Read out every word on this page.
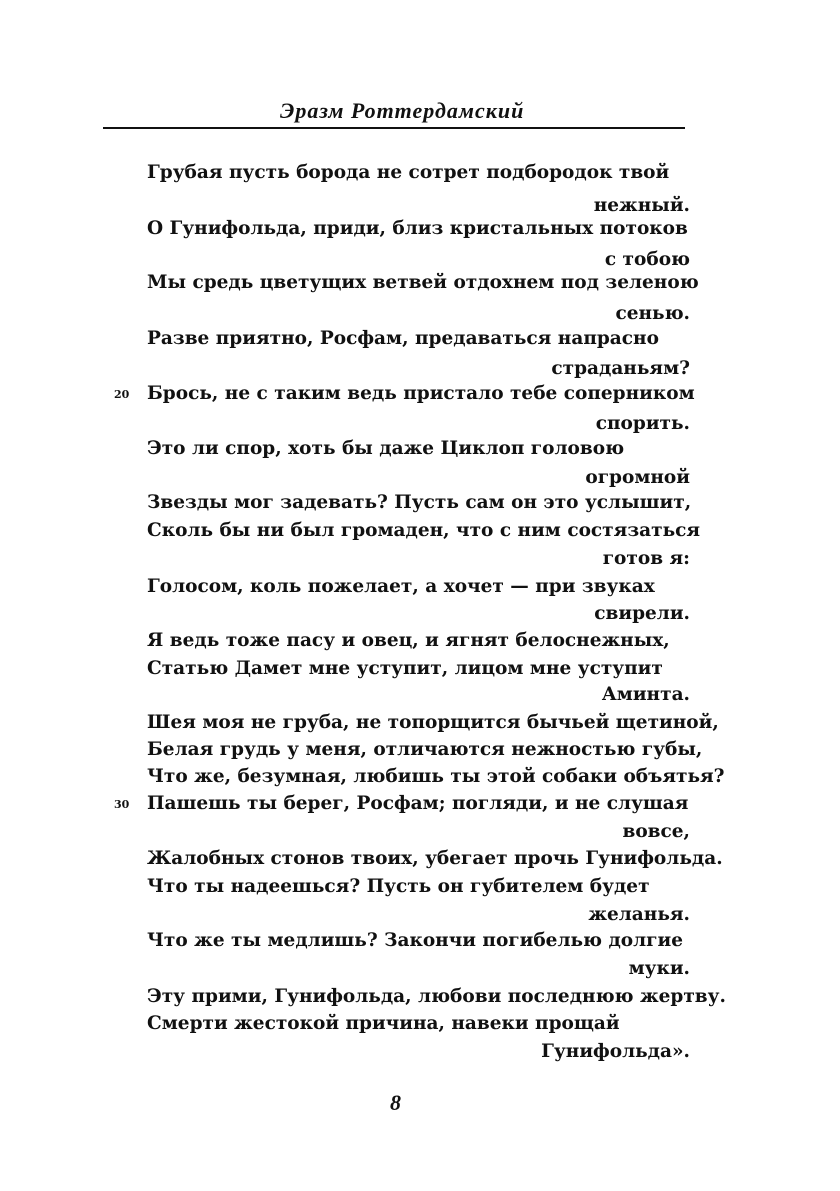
Эразм Роттердамский
Грубая пусть борода не сотрет подбородок твой
нежный.
О Гунифольда, приди, близ кристальных потоков
с тобою
Мы средь цветущих ветвей отдохнем под зеленою
сенью.
Разве приятно, Росфам, предаваться напрасно
страданьям?
20 Брось, не с таким ведь пристало тебе соперником
спорить.
Это ли спор, хоть бы даже Циклоп головою
огромной
Звезды мог задевать? Пусть сам он это услышит,
Сколь бы ни был громаден, что с ним состязаться
готов я:
Голосом, коль пожелает, а хочет — при звуках
свирели.
Я ведь тоже пасу и овец, и ягнят белоснежных,
Статью Дамет мне уступит, лицом мне уступит
Аминта.
Шея моя не груба, не топорщится бычьей щетиной,
Белая грудь у меня, отличаются нежностью губы,
Что же, безумная, любишь ты этой собаки объятья?
30 Пашешь ты берег, Росфам; погляди, и не слушая
вовсе,
Жалобных стонов твоих, убегает прочь Гунифольда.
Что ты надеешься? Пусть он губителем будет
желанья.
Что же ты медлишь? Закончи погибелью долгие
муки.
Эту прими, Гунифольда, любови последнюю жертву.
Смерти жестокой причина, навеки прощай
Гунифольда».
8
